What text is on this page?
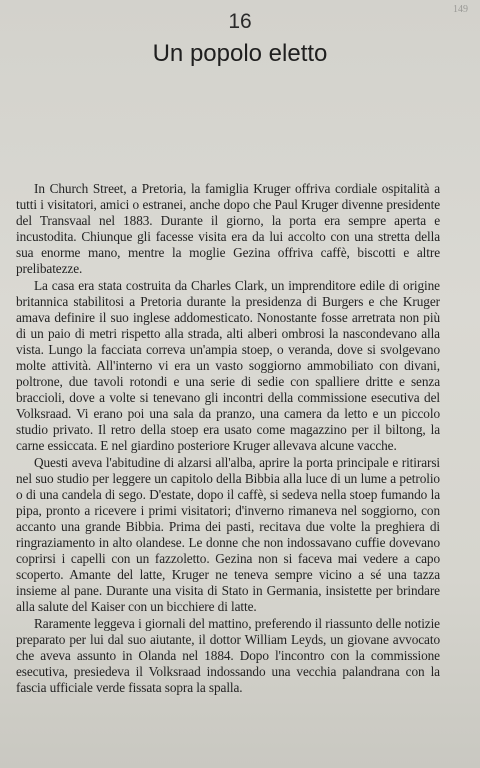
149
16
Un popolo eletto

In Church Street, a Pretoria, la famiglia Kruger offriva cordiale ospitalità a tutti i visitatori, amici o estranei, anche dopo che Paul Kruger divenne presidente del Transvaal nel 1883. Durante il giorno, la porta era sempre aperta e incustodita. Chiunque gli facesse visita era da lui accolto con una stretta della sua enorme mano, mentre la moglie Gezina offriva caffè, biscotti e altre prelibatezze.

La casa era stata costruita da Charles Clark, un imprenditore edile di origine britannica stabilitosi a Pretoria durante la presidenza di Burgers e che Kruger amava definire il suo inglese addomesticato. Nonostante fosse arretrata non più di un paio di metri rispetto alla strada, alti alberi ombrosi la nascondevano alla vista. Lungo la facciata correva un'ampia stoep, o veranda, dove si svolgevano molte attività. All'interno vi era un vasto soggiorno ammobiliato con divani, poltrone, due tavoli rotondi e una serie di sedie con spalliere dritte e senza braccioli, dove a volte si tenevano gli incontri della commissione esecutiva del Volksraad. Vi erano poi una sala da pranzo, una camera da letto e un piccolo studio privato. Il retro della stoep era usato come magazzino per il biltong, la carne essiccata. E nel giardino posteriore Kruger allevava alcune vacche.

Questi aveva l'abitudine di alzarsi all'alba, aprire la porta principale e ritirarsi nel suo studio per leggere un capitolo della Bibbia alla luce di un lume a petrolio o di una candela di sego. D'estate, dopo il caffè, si sedeva nella stoep fumando la pipa, pronto a ricevere i primi visitatori; d'inverno rimaneva nel soggiorno, con accanto una grande Bibbia. Prima dei pasti, recitava due volte la preghiera di ringraziamento in alto olandese. Le donne che non indossavano cuffie dovevano coprirsi i capelli con un fazzoletto. Gezina non si faceva mai vedere a capo scoperto. Amante del latte, Kruger ne teneva sempre vicino a sé una tazza insieme al pane. Durante una visita di Stato in Germania, insistette per brindare alla salute del Kaiser con un bicchiere di latte.

Raramente leggeva i giornali del mattino, preferendo il riassunto delle notizie preparato per lui dal suo aiutante, il dottor William Leyds, un giovane avvocato che aveva assunto in Olanda nel 1884. Dopo l'incontro con la commissione esecutiva, presiedeva il Volksraad indossando una vecchia palandrana con la fascia ufficiale verde fissata sopra la spalla.
